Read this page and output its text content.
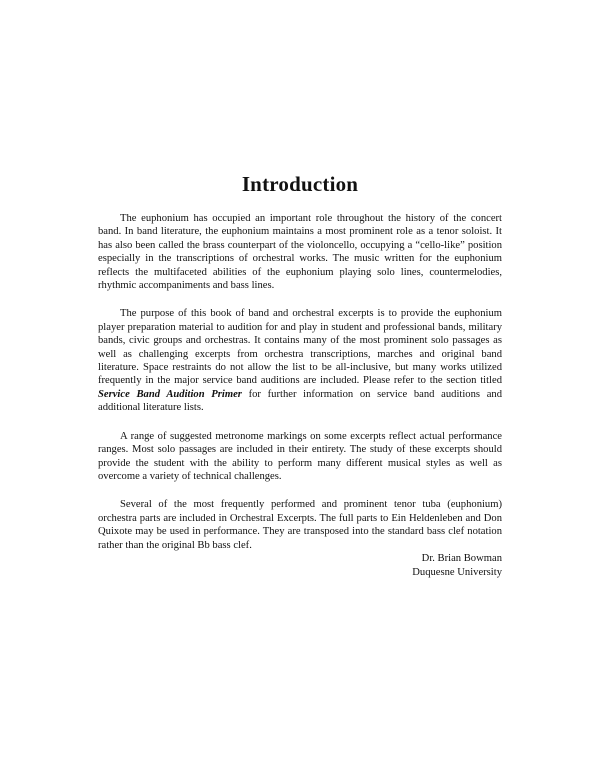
Introduction

The euphonium has occupied an important role throughout the history of the concert band. In band literature, the euphonium maintains a most prominent role as a tenor soloist. It has also been called the brass counterpart of the violoncello, occupying a “cello-like” position especially in the transcriptions of orchestral works. The music written for the euphonium reflects the multifaceted abilities of the euphonium playing solo lines, countermelodies, rhythmic accompaniments and bass lines.

The purpose of this book of band and orchestral excerpts is to provide the euphonium player preparation material to audition for and play in student and professional bands, military bands, civic groups and orchestras. It contains many of the most prominent solo passages as well as challenging excerpts from orchestra transcriptions, marches and original band literature. Space restraints do not allow the list to be all-inclusive, but many works utilized frequently in the major service band auditions are included. Please refer to the section titled Service Band Audition Primer for further information on service band auditions and additional literature lists.

A range of suggested metronome markings on some excerpts reflect actual performance ranges. Most solo passages are included in their entirety. The study of these excerpts should provide the student with the ability to perform many different musical styles as well as overcome a variety of technical challenges.

Several of the most frequently performed and prominent tenor tuba (euphonium) orchestra parts are included in Orchestral Excerpts. The full parts to Ein Heldenleben and Don Quixote may be used in performance. They are transposed into the standard bass clef notation rather than the original Bb bass clef.

Dr. Brian Bowman
Duquesne University
